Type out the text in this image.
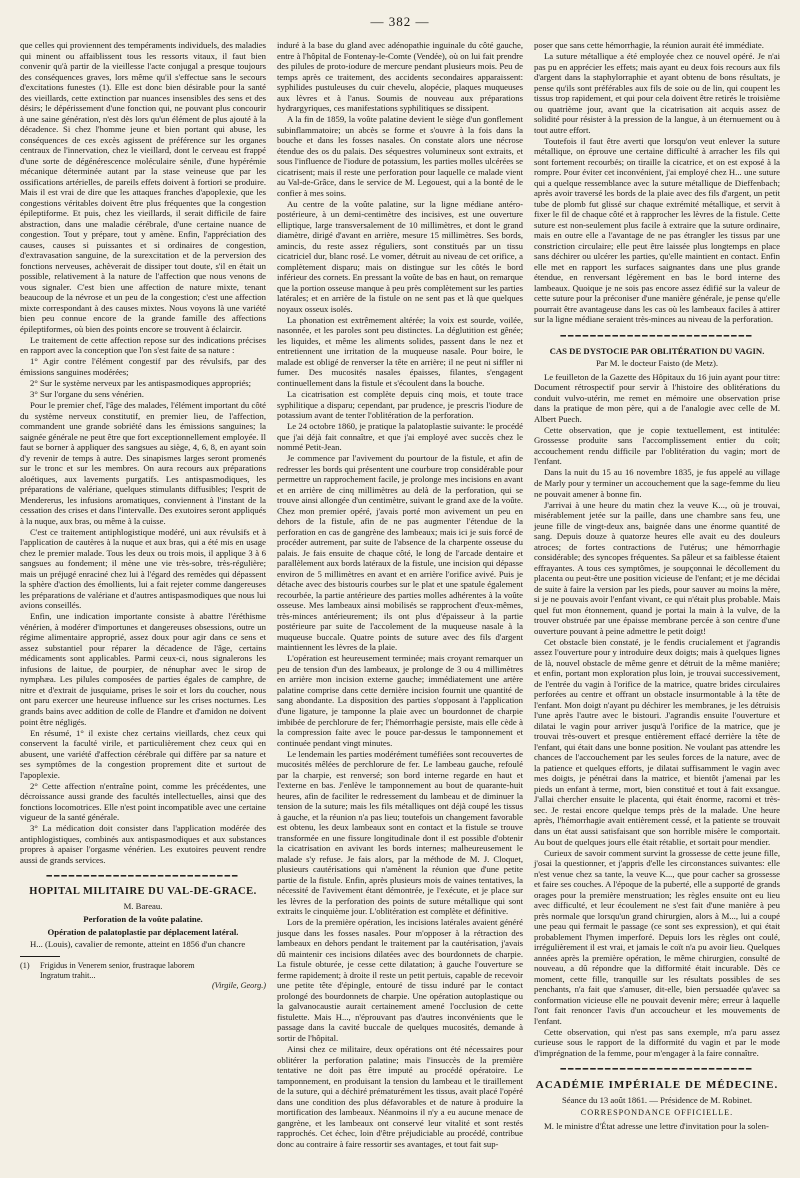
— 382 —

que celles qui proviennent des tempéraments individuels, des maladies qui minent ou affaiblissent tous les ressorts vitaux, il faut bien convenir qu'à partir de la vieillesse l'acte conjugal a presque toujours des conséquences graves, lors même qu'il s'effectue sans le secours d'excitations funestes (1). Elle est donc bien désirable pour la santé des vieillards, cette extinction par nuances insensibles des sens et des désirs; le dépérissement d'une fonction qui, ne pouvant plus concourir à une saine génération, n'est dès lors qu'un élément de plus ajouté à la décadence. Si chez l'homme jeune et bien portant qui abuse, les conséquences de ces excès agissent de préférence sur les organes centraux de l'innervation, chez le vieillard, dont le cerveau est frappé d'une sorte de dégénérescence moléculaire sénile, d'une hypérémie mécanique déterminée autant par la stase veineuse que par les ossifications artérielles, de pareils effets doivent à fortiori se produire. Mais il est vrai de dire que les attaques franches d'apoplexie, que les congestions véritables doivent être plus fréquentes que la congestion épileptiforme. Et puis, chez les vieillards, il serait difficile de faire abstraction, dans une maladie cérébrale, d'une certaine nuance de congestion. Tout y prépare, tout y amène. Enfin, l'appréciation des causes, causes si puissantes et si ordinaires de congestion, d'extravasation sanguine, de la surexcitation et de la perversion des fonctions nerveuses, achèverait de dissiper tout doute, s'il en était un possible, relativement à la nature de l'affection que nous venons de vous signaler. C'est bien une affection de nature mixte, tenant beaucoup de la névrose et un peu de la congestion; c'est une affection mixte correspondant à des causes mixtes. Nous voyons là une variété bien peu connue encore de la grande famille des affections épileptiformes, où bien des points encore se trouvent à éclaircir.

Le traitement de cette affection repose sur des indications précises en rapport avec la conception que l'on s'est faite de sa nature :

1° Agir contre l'élément congestif par des révulsifs, par des émissions sanguines modérées;

2° Sur le système nerveux par les antispasmodiques appropriés;

3° Sur l'organe du sens vénérien.

Pour le premier chef, l'âge des malades, l'élément important du côté du système nerveux constitutif, en premier lieu, de l'affection, commandent une grande sobriété dans les émissions sanguines; la saignée générale ne peut être que fort exceptionnellement employée. Il faut se borner à appliquer des sangsues au siège, 4, 6, 8, en ayant soin d'y revenir de temps à autre. Des sinapismes larges seront promenés sur le tronc et sur les membres. On aura recours aux préparations aloétiques, aux lavements purgatifs. Les antispasmodiques, les préparations de valériane, quelques stimulants diffusibles; l'esprit de Mendererus, les infusions aromatiques, conviennent à l'instant de la cessation des crises et dans l'intervalle. Des exutoires seront appliqués à la nuque, aux bras, ou même à la cuisse.

C'est ce traitement antiphlogistique modéré, uni aux révulsifs et à l'application de cautères à la nuque et aux bras, qui a été mis en usage chez le premier malade. Tous les deux ou trois mois, il applique 3 à 6 sangsues au fondement; il mène une vie très-sobre, très-régulière; mais un préjugé enraciné chez lui à l'égard des remèdes qui dépassent la sphère d'action des émollients, lui a fait rejeter comme dangereuses les préparations de valériane et d'autres antispasmodiques que nous lui avions conseillés.

Enfin, une indication importante consiste à abattre l'éréthisme vénérien, à modérer d'importunes et dangereuses obsessions, outre un régime alimentaire approprié, assez doux pour agir dans ce sens et assez substantiel pour réparer la décadence de l'âge, certains médicaments sont applicables. Parmi ceux-ci, nous signalerons les infusions de laitue, de pourpier, de nénuphar avec le sirop de nymphæa. Les pilules composées de parties égales de camphre, de nitre et d'extrait de jusquiame, prises le soir et lors du coucher, nous ont paru exercer une heureuse influence sur les crises nocturnes. Les grands bains avec addition de colle de Flandre et d'amidon ne doivent point être négligés.

En résumé, 1° il existe chez certains vieillards, chez ceux qui conservent la faculté virile, et particulièrement chez ceux qui en abusent, une variété d'affection cérébrale qui diffère par sa nature et ses symptômes de la congestion proprement dite et surtout de l'apoplexie.

2° Cette affection n'entraîne point, comme les précédentes, une décroissance aussi grande des facultés intellectuelles, ainsi que des fonctions locomotrices. Elle n'est point incompatible avec une certaine vigueur de la santé générale.

3° La médication doit consister dans l'application modérée des antiphlogistiques, combinés aux antispasmodiques et aux substances propres à apaiser l'orgasme vénérien. Les exutoires peuvent rendre aussi de grands services.

━━━━━━━━━━━━━━━━━━━━━━━━━━
HOPITAL MILITAIRE DU VAL-DE-GRACE.
M. Bareau.
Perforation de la voûte palatine.
Opération de palatoplastie par déplacement latéral.

H... (Louis), cavalier de remonte, atteint en 1856 d'un chancre

(1) Frigidus in Venerem senior, frustraque laborem
Ingratum trahit...
(Virgile, Georg.)

induré à la base du gland avec adénopathie inguinale du côté gauche, entre à l'hôpital de Fontenay-le-Comte (Vendée), où on lui fait prendre des pilules de proto-iodure de mercure pendant plusieurs mois. Peu de temps après ce traitement, des accidents secondaires apparaissent: syphilides pustuleuses du cuir chevelu, alopécie, plaques muqueuses aux lèvres et à l'anus. Soumis de nouveau aux préparations hydrargyriques, ces manifestations syphilitiques se dissipent.

A la fin de 1859, la voûte palatine devient le siège d'un gonflement subinflammatoire; un abcès se forme et s'ouvre à la fois dans la bouche et dans les fosses nasales. On constate alors une nécrose étendue des os du palais. Des séquestres volumineux sont extraits, et sous l'influence de l'iodure de potassium, les parties molles ulcérées se cicatrisent; mais il reste une perforation pour laquelle ce malade vient au Val-de-Grâce, dans le service de M. Legouest, qui a la bonté de le confier à mes soins.

Au centre de la voûte palatine, sur la ligne médiane antéro-postérieure, à un demi-centimètre des incisives, est une ouverture elliptique, large transversalement de 10 millimètres, et dont le grand diamètre, dirigé d'avant en arrière, mesure 15 millimètres. Ses bords, amincis, du reste assez réguliers, sont constitués par un tissu cicatriciel dur, blanc rosé. Le vomer, détruit au niveau de cet orifice, a complètement disparu; mais on distingue sur les côtés le bord inférieur des cornets. En pressant la voûte de bas en haut, on remarque que la portion osseuse manque à peu près complètement sur les parties latérales; et en arrière de la fistule on ne sent pas et là que quelques noyaux osseux isolés.

La phonation est extrêmement altérée; la voix est sourde, voilée, nasonnée, et les paroles sont peu distinctes. La déglutition est gênée; les liquides, et même les aliments solides, passent dans le nez et entretiennent une irritation de la muqueuse nasale. Pour boire, le malade est obligé de renverser la tête en arrière; il ne peut ni siffler ni fumer. Des mucosités nasales épaisses, filantes, s'engagent continuellement dans la fistule et s'écoulent dans la bouche.

La cicatrisation est complète depuis cinq mois, et toute trace syphilitique a disparu; cependant, par prudence, je prescris l'iodure de potassium avant de tenter l'oblitération de la perforation.

Le 24 octobre 1860, je pratique la palatoplastie suivante: le procédé que j'ai déjà fait connaître, et que j'ai employé avec succès chez le nommé Petit-Jean.

Je commence par l'avivement du pourtour de la fistule, et afin de redresser les bords qui présentent une courbure trop considérable pour permettre un rapprochement facile, je prolonge mes incisions en avant et en arrière de cinq millimètres au delà de la perforation, qui se trouve ainsi allongée d'un centimètre, suivant le grand axe de la voûte. Chez mon premier opéré, j'avais porté mon avivement un peu en dehors de la fistule, afin de ne pas augmenter l'étendue de la perforation en cas de gangrène des lambeaux; mais ici je suis forcé de procéder autrement, par suite de l'absence de la charpente osseuse du palais. Je fais ensuite de chaque côté, le long de l'arcade dentaire et parallèlement aux bords latéraux de la fistule, une incision qui dépasse environ de 5 millimètres en avant et en arrière l'orifice avivé. Puis je détache avec des bistouris courbes sur le plat et une spatule également recourbée, la partie antérieure des parties molles adhérentes à la voûte osseuse. Mes lambeaux ainsi mobilisés se rapprochent d'eux-mêmes, très-minces antérieurement; ils ont plus d'épaisseur à la partie postérieure par suite de l'accolement de la muqueuse nasale à la muqueuse buccale. Quatre points de suture avec des fils d'argent maintiennent les lèvres de la plaie.

L'opération est heureusement terminée; mais croyant remarquer un peu de tension d'un des lambeaux, je prolonge de 3 ou 4 millimètres en arrière mon incision externe gauche; immédiatement une artère palatine comprise dans cette dernière incision fournit une quantité de sang abondante. La disposition des parties s'opposant à l'application d'une ligature, je tamponne la plaie avec un bourdonnet de charpie imbibée de perchlorure de fer; l'hémorrhagie persiste, mais elle cède à la compression faite avec le pouce par-dessus le tamponnement et continuée pendant vingt minutes.

Le lendemain les parties modérément tuméfiées sont recouvertes de mucosités mêlées de perchlorure de fer. Le lambeau gauche, refoulé par la charpie, est renversé; son bord interne regarde en haut et l'externe en bas. J'enlève le tamponnement au bout de quarante-huit heures, afin de faciliter le redressement du lambeau et de diminuer la tension de la suture; mais les fils métalliques ont déjà coupé les tissus à gauche, et la réunion n'a pas lieu; toutefois un changement favorable est obtenu, les deux lambeaux sont en contact et la fistule se trouve transformée en une fissure longitudinale dont il est possible d'obtenir la cicatrisation en avivant les bords internes; malheureusement le malade s'y refuse. Je fais alors, par la méthode de M. J. Cloquet, plusieurs cautérisations qui n'amènent la réunion que d'une petite partie de la fistule. Enfin, après plusieurs mois de vaines tentatives, la nécessité de l'avivement étant démontrée, je l'exécute, et je place sur les lèvres de la perforation des points de suture métallique qui sont extraits le cinquième jour. L'oblitération est complète et définitive.

Lors de la première opération, les incisions latérales avaient généré jusque dans les fosses nasales. Pour m'opposer à la rétraction des lambeaux en dehors pendant le traitement par la cautérisation, j'avais dû maintenir ces incisions dilatées avec des bourdonnets de charpie. La fistule obturée, je cesse cette dilatation; à gauche l'ouverture se ferme rapidement; à droite il reste un petit pertuis, capable de recevoir une petite tête d'épingle, entouré de tissu induré par le contact prolongé des bourdonnets de charpie. Une opération autoplastique ou la galvanocaustie aurait certainement amené l'occlusion de cette fistulette. Mais H..., n'éprouvant pas d'autres inconvénients que le passage dans la cavité buccale de quelques mucosités, demande à sortir de l'hôpital.

Ainsi chez ce militaire, deux opérations ont été nécessaires pour oblitérer la perforation palatine; mais l'insuccès de la première tentative ne doit pas être imputé au procédé opératoire. Le tamponnement, en produisant la tension du lambeau et le tiraillement de la suture, qui a déchiré prématurément les tissus, avait placé l'opéré dans une condition des plus défavorables et de nature à produire la mortification des lambeaux. Néanmoins il n'y a eu aucune menace de gangrène, et les lambeaux ont conservé leur vitalité et sont restés rapprochés. Cet échec, loin d'être préjudiciable au procédé, contribue donc au contraire à faire ressortir ses avantages, et tout fait sup-

poser que sans cette hémorrhagie, la réunion aurait été immédiate.

La suture métallique a été employée chez ce nouvel opéré. Je n'ai pas pu en apprécier les effets; mais ayant eu deux fois recours aux fils d'argent dans la staphylorraphie et ayant obtenu de bons résultats, je pense qu'ils sont préférables aux fils de soie ou de lin, qui coupent les tissus trop rapidement, et qui pour cela doivent être retirés le troisième ou quatrième jour, avant que la cicatrisation ait acquis assez de solidité pour résister à la pression de la langue, à un éternuement ou à tout autre effort.

Toutefois il faut être averti que lorsqu'on veut enlever la suture métallique, on éprouve une certaine difficulté à arracher les fils qui sont fortement recourbés; on tiraille la cicatrice, et on est exposé à la rompre. Pour éviter cet inconvénient, j'ai employé chez H... une suture qui a quelque ressemblance avec la suture métallique de Dieffenbach; après avoir traversé les bords de la plaie avec des fils d'argent, un petit tube de plomb fut glissé sur chaque extrémité métallique, et servit à fixer le fil de chaque côté et à rapprocher les lèvres de la fistule. Cette suture est non-seulement plus facile à extraire que la suture ordinaire, mais en outre elle a l'avantage de ne pas étrangler les tissus par une constriction circulaire; elle peut être laissée plus longtemps en place sans déchirer ou ulcérer les parties, qu'elle maintient en contact. Enfin elle met en rapport les surfaces saignantes dans une plus grande étendue, en renversant légèrement en bas le bord interne des lambeaux. Quoique je ne sois pas encore assez édifié sur la valeur de cette suture pour la préconiser d'une manière générale, je pense qu'elle pourrait être avantageuse dans les cas où les lambeaux faciles à attirer sur la ligne médiane seraient très-minces au niveau de la perforation.

━━━━━━━━━━━━━━━━━━━━━━━━━━
CAS DE DYSTOCIE PAR OBLITÉRATION DU VAGIN.
Par M. le docteur Faisto (de Metz).

Le feuilleton de la Gazette des Hôpitaux du 16 juin ayant pour titre: Document rétrospectif pour servir à l'histoire des oblitérations du conduit vulvo-utérin, me remet en mémoire une observation prise dans la pratique de mon père, qui a de l'analogie avec celle de M. Albert Puech.

Cette observation, que je copie textuellement, est intitulée: Grossesse produite sans l'accomplissement entier du coït; accouchement rendu difficile par l'oblitération du vagin; mort de l'enfant.

Dans la nuit du 15 au 16 novembre 1835, je fus appelé au village de Marly pour y terminer un accouchement que la sage-femme du lieu ne pouvait amener à bonne fin.

J'arrivai à une heure du matin chez la veuve K..., où je trouvai, misérablement jetée sur la paille, dans une chambre sans feu, une jeune fille de vingt-deux ans, baignée dans une énorme quantité de sang. Depuis douze à quatorze heures elle avait eu des douleurs atroces; de fortes contractions de l'utérus; une hémorrhagie considérable; des syncopes fréquentes. Sa pâleur et sa faiblesse étaient effrayantes. A tous ces symptômes, je soupçonnai le décollement du placenta ou peut-être une position vicieuse de l'enfant; et je me décidai de suite à faire la version par les pieds, pour sauver au moins la mère, si je ne pouvais avoir l'enfant vivant, ce qui n'était plus probable. Mais quel fut mon étonnement, quand je portai la main à la vulve, de la trouver obstruée par une épaisse membrane percée à son centre d'une ouverture pouvant à peine admettre le petit doigt!

Cet obstacle bien constaté, je le fendis crucialement et j'agrandis assez l'ouverture pour y introduire deux doigts; mais à quelques lignes de là, nouvel obstacle de même genre et détruit de la même manière; et enfin, portant mon exploration plus loin, je trouvai successivement, de l'entrée du vagin à l'orifice de la matrice, quatre brides circulaires perforées au centre et offrant un obstacle insurmontable à la tête de l'enfant. Mon doigt n'ayant pu déchirer les membranes, je les détruisis l'une après l'autre avec le bistouri. J'agrandis ensuite l'ouverture et dilatai le vagin pour arriver jusqu'à l'orifice de la matrice, que je trouvai très-ouvert et presque entièrement effacé derrière la tête de l'enfant, qui était dans une bonne position. Ne voulant pas attendre les chances de l'accouchement par les seules forces de la nature, avec de la patience et quelques efforts, je dilatai suffisamment le vagin avec mes doigts, je pénétrai dans la matrice, et bientôt j'amenai par les pieds un enfant à terme, mort, bien constitué et tout à fait exsangue. J'allai chercher ensuite le placenta, qui était énorme, racorni et très-sec. Je restai encore quelque temps près de la malade. Une heure après, l'hémorrhagie avait entièrement cessé, et la patiente se trouvait dans un état aussi satisfaisant que son horrible misère le comportait. Au bout de quelques jours elle était rétablie, et sortait pour mendier.

Curieux de savoir comment survint la grossesse de cette jeune fille, j'osai la questionner, et j'appris d'elle les circonstances suivantes: elle n'est venue chez sa tante, la veuve K..., que pour cacher sa grossesse et faire ses couches. A l'époque de la puberté, elle a supporté de grands orages pour la première menstruation; les règles ensuite ont eu lieu avec difficulté, et leur écoulement ne s'est fait d'une manière à peu près normale que lorsqu'un grand chirurgien, alors à M..., lui a coupé une peau qui fermait le passage (ce sont ses expression), et qui était probablement l'hymen imperforé. Depuis lors les règles ont coulé, irrégulièrement il est vrai, et jamais le coït n'a pu avoir lieu. Quelques années après la première opération, le même chirurgien, consulté de nouveau, a dû répondre que la difformité était incurable. Dès ce moment, cette fille, tranquille sur les résultats possibles de ses penchants, n'a fait que s'amuser, dit-elle, bien persuadée qu'avec sa conformation vicieuse elle ne pouvait devenir mère; erreur à laquelle l'ont fait renoncer l'avis d'un accoucheur et les mouvements de l'enfant.

Cette observation, qui n'est pas sans exemple, m'a paru assez curieuse sous le rapport de la difformité du vagin et par le mode d'imprégnation de la femme, pour m'engager à la faire connaître.

━━━━━━━━━━━━━━━━━━━━━━━━━━
ACADÉMIE IMPÉRIALE DE MÉDECINE.
Séance du 13 août 1861. — Présidence de M. Robinet.
CORRESPONDANCE OFFICIELLE.

M. le ministre d'État adresse une lettre d'invitation pour la solen-
